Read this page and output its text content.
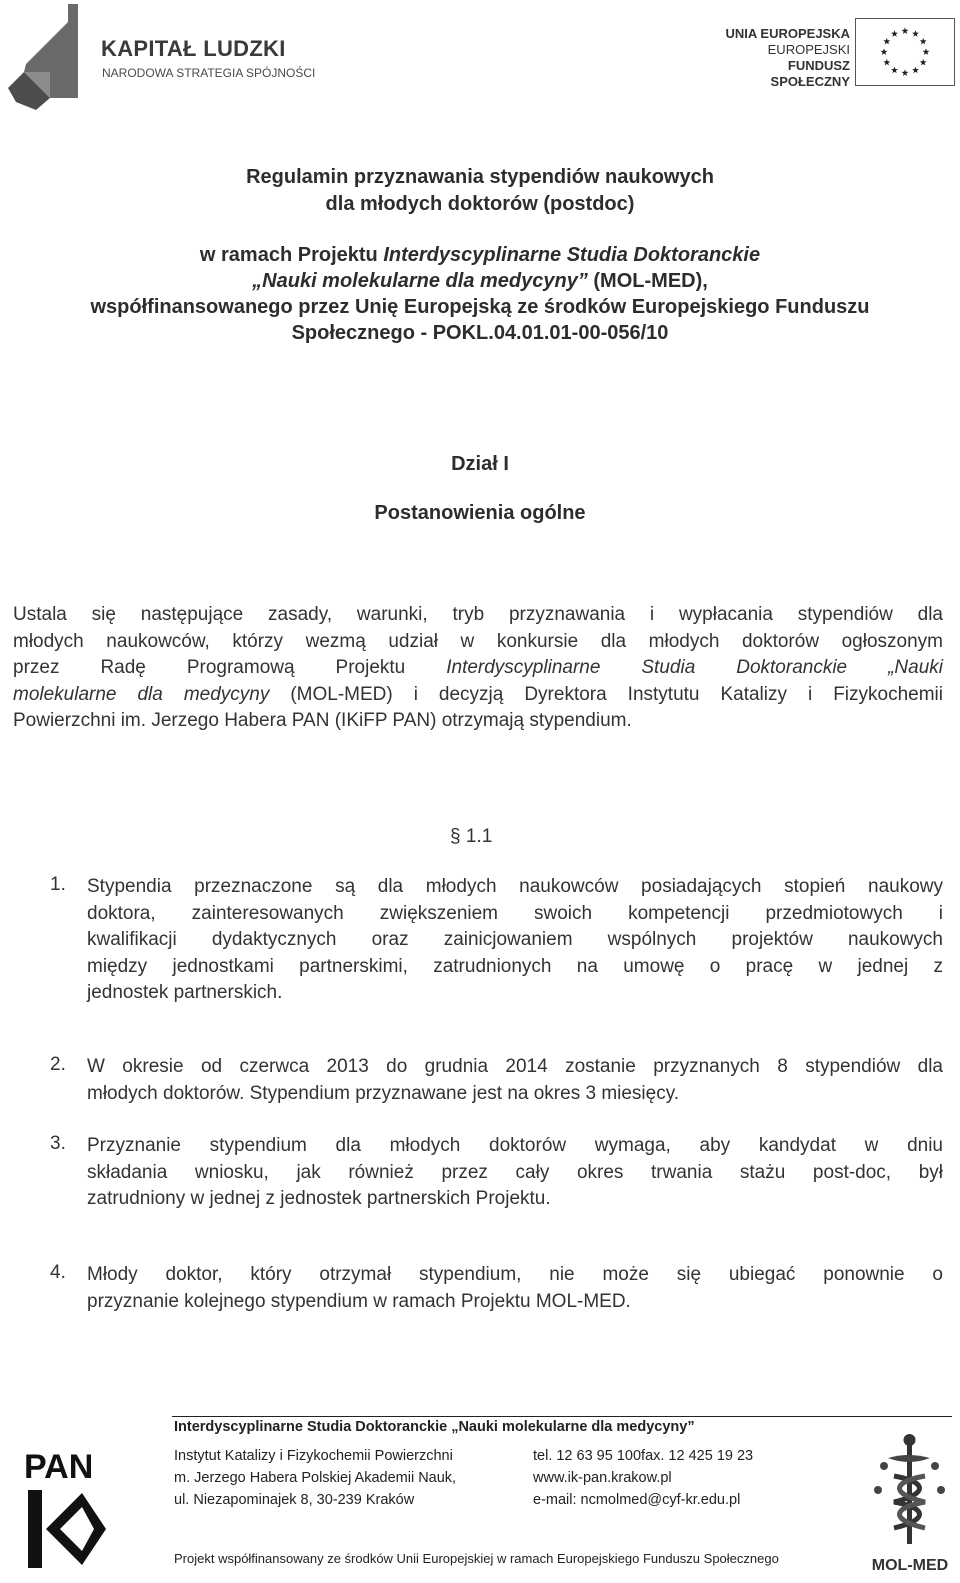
KAPITAŁ LUDZKI
NARODOWA STRATEGIA SPÓJNOŚCI
UNIA EUROPEJSKA
EUROPEJSKI
FUNDUSZ SPOŁECZNY
Regulamin przyznawania stypendiów naukowych
dla młodych doktorów (postdoc)
w ramach Projektu Interdyscyplinarne Studia Doktoranckie
„Nauki molekularne dla medycyny” (MOL-MED),
współfinansowanego przez Unię Europejską ze środków Europejskiego Funduszu
Społecznego - POKL.04.01.01-00-056/10
Dział I
Postanowienia ogólne
Ustala się następujące zasady, warunki, tryb przyznawania i wypłacania stypendiów dla
młodych naukowców, którzy wezmą udział w konkursie dla młodych doktorów ogłoszonym
przez Radę Programową Projektu Interdyscyplinarne Studia Doktoranckie „Nauki
molekularne dla medycyny (MOL-MED) i decyzją Dyrektora Instytutu Katalizy i Fizykochemii
Powierzchni im. Jerzego Habera PAN (IKiFP PAN) otrzymają stypendium.
§ 1.1
1. Stypendia przeznaczone są dla młodych naukowców posiadających stopień naukowy
doktora, zainteresowanych zwiększeniem swoich kompetencji przedmiotowych i
kwalifikacji dydaktycznych oraz zainicjowaniem wspólnych projektów naukowych
między jednostkami partnerskimi, zatrudnionych na umowę o pracę w jednej z
jednostek partnerskich.
2. W okresie od czerwca 2013 do grudnia 2014 zostanie przyznanych 8 stypendiów dla
młodych doktorów. Stypendium przyznawane jest na okres 3 miesięcy.
3. Przyznanie stypendium dla młodych doktorów wymaga, aby kandydat w dniu
składania wniosku, jak również przez cały okres trwania stażu post-doc, był
zatrudniony w jednej z jednostek partnerskich Projektu.
4. Młody doktor, który otrzymał stypendium, nie może się ubiegać ponownie o
przyznanie kolejnego stypendium w ramach Projektu MOL-MED.
PAN
Interdyscyplinarne Studia Doktoranckie „Nauki molekularne dla medycyny”
Instytut Katalizy i Fizykochemii Powierzchni
m. Jerzego Habera Polskiej Akademii Nauk,
ul. Niezapominajek 8, 30-239 Kraków
tel. 12 63 95 100fax. 12 425 19 23
www.ik-pan.krakow.pl
e-mail: ncmolmed@cyf-kr.edu.pl
Projekt współfinansowany ze środków Unii Europejskiej w ramach Europejskiego Funduszu Społecznego	MOL-MED
